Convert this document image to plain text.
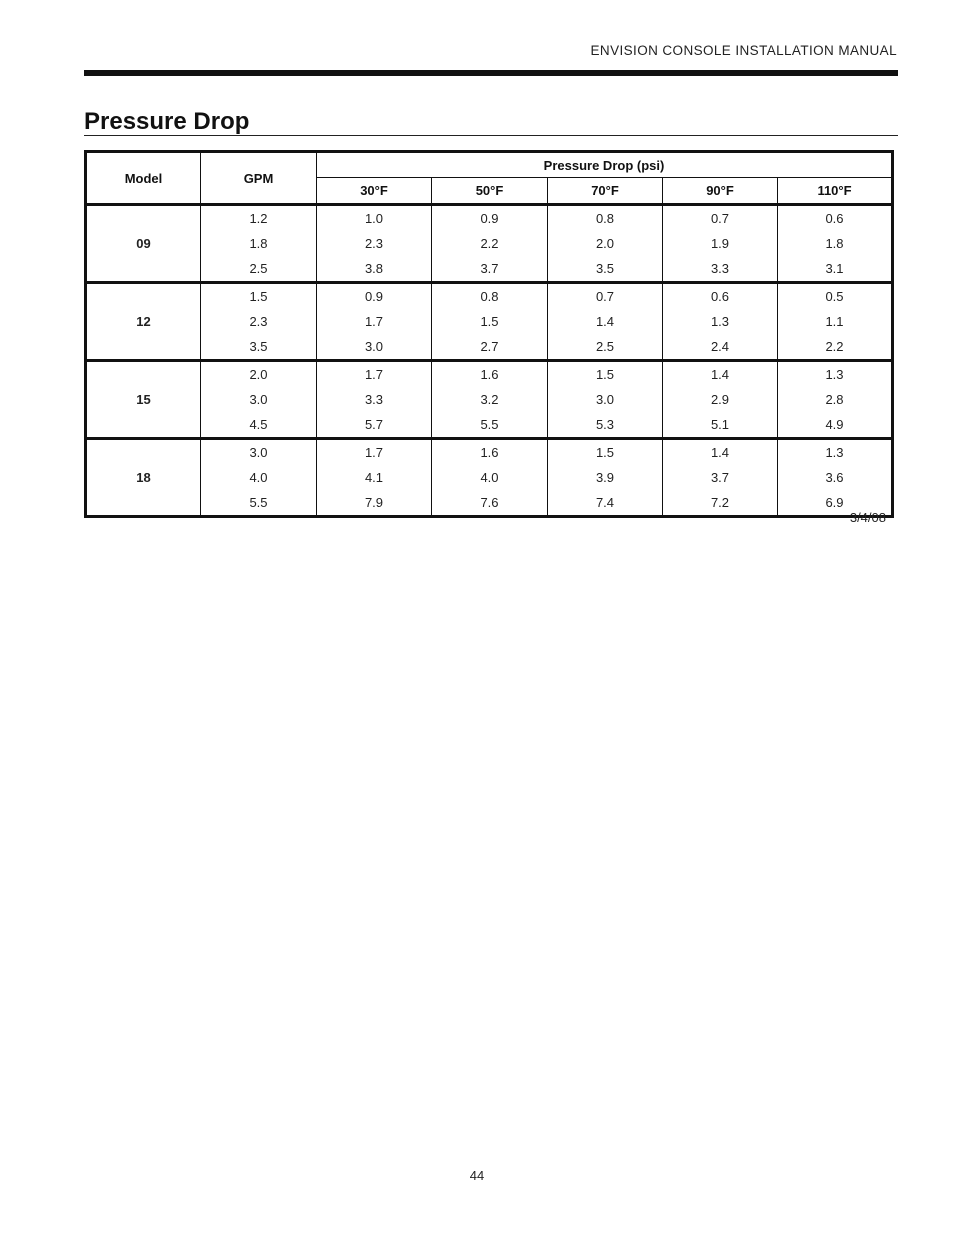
ENVISION CONSOLE INSTALLATION MANUAL
Pressure Drop
Model	GPM	Pressure Drop (psi)				
		30°F	50°F	70°F	90°F	110°F
09	1.2	1.0	0.9	0.8	0.7	0.6
	1.8	2.3	2.2	2.0	1.9	1.8
	2.5	3.8	3.7	3.5	3.3	3.1
12	1.5	0.9	0.8	0.7	0.6	0.5
	2.3	1.7	1.5	1.4	1.3	1.1
	3.5	3.0	2.7	2.5	2.4	2.2
15	2.0	1.7	1.6	1.5	1.4	1.3
	3.0	3.3	3.2	3.0	2.9	2.8
	4.5	5.7	5.5	5.3	5.1	4.9
18	3.0	1.7	1.6	1.5	1.4	1.3
	4.0	4.1	4.0	3.9	3.7	3.6
	5.5	7.9	7.6	7.4	7.2	6.9
3/4/08
44
